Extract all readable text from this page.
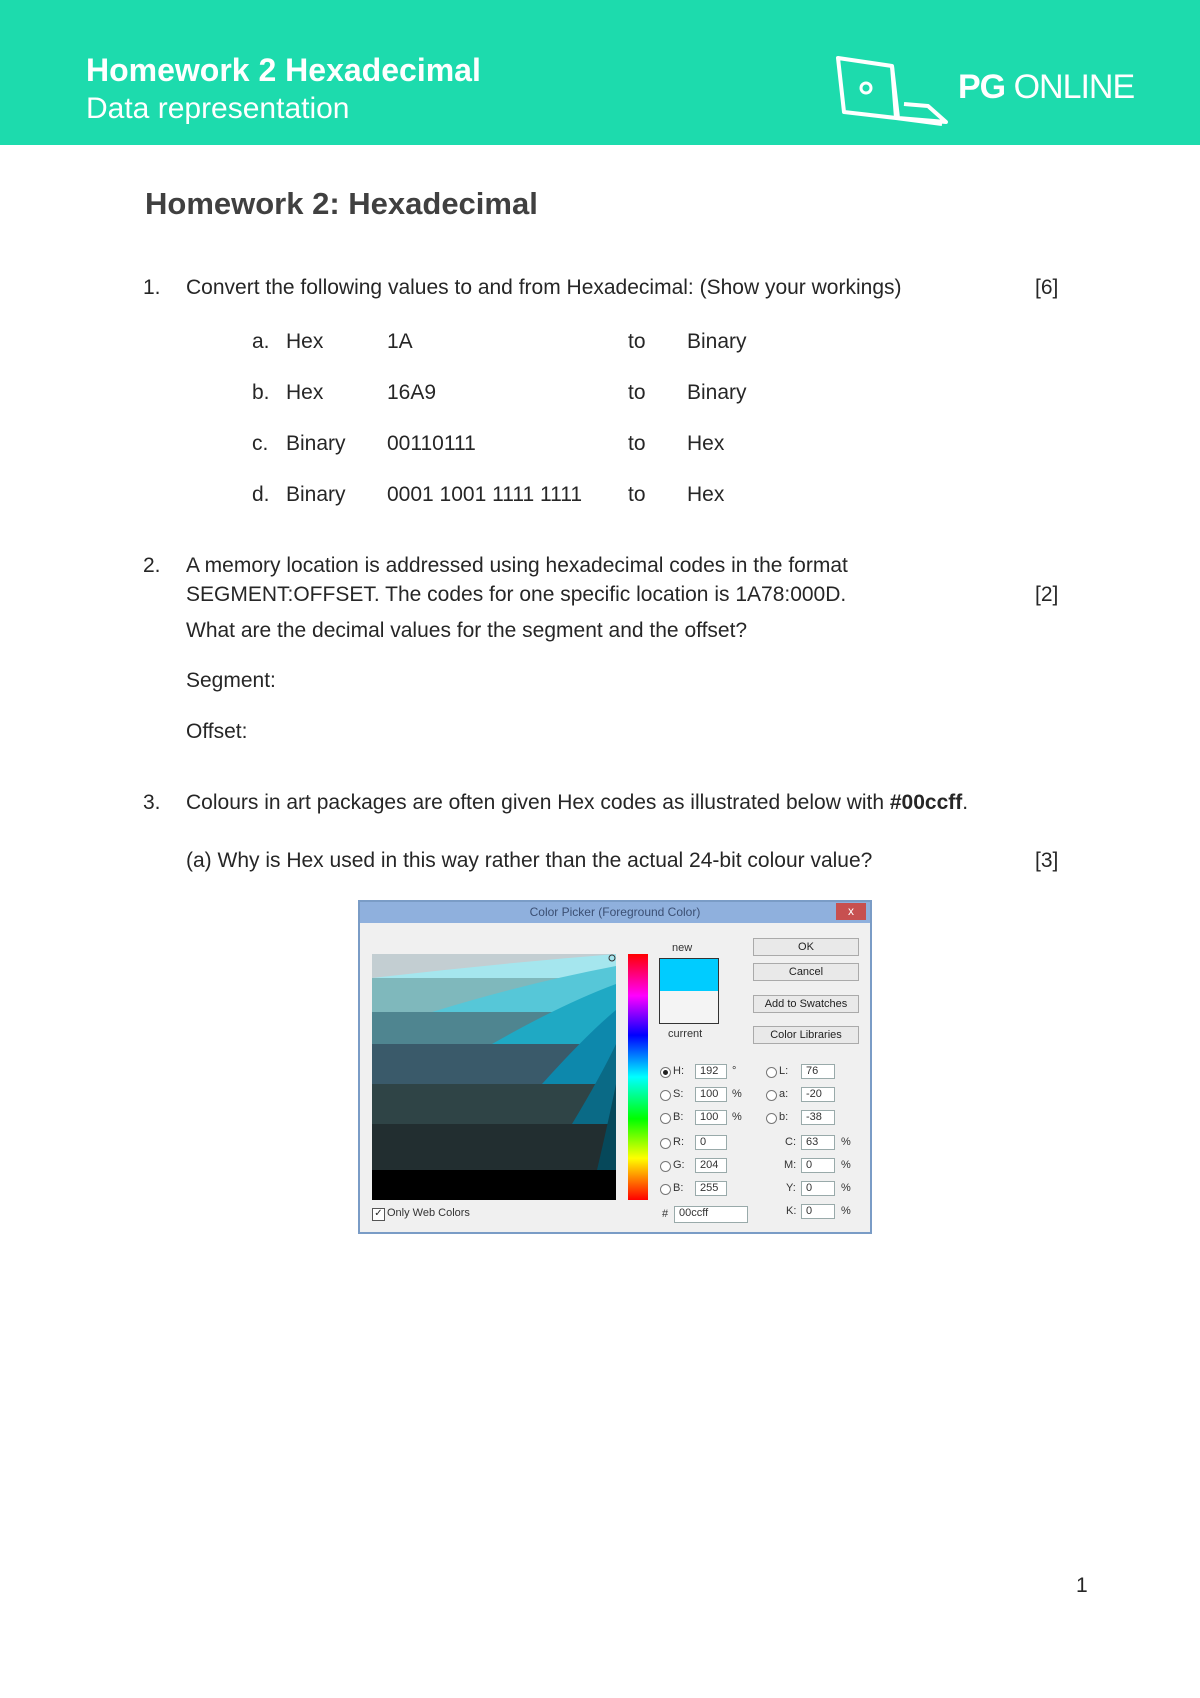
Homework 2 Hexadecimal
Data representation
PG ONLINE
Homework 2: Hexadecimal
1. Convert the following values to and from Hexadecimal: (Show your workings)	[6]
a. Hex	1A	to Binary
b. Hex	16A9	to Binary
c. Binary 00110111	to Hex
d. Binary 0001 1001 1111 1111 to Hex
2. A memory location is addressed using hexadecimal codes in the format
SEGMENT:OFFSET. The codes for one specific location is 1A78:000D.	[2]
What are the decimal values for the segment and the offset?
Segment:
Offset:
3. Colours in art packages are often given Hex codes as illustrated below with #00ccff.
(a) Why is Hex used in this way rather than the actual 24-bit colour value?	[3]
Color Picker (Foreground Color)	x
new
current
OK
Cancel
Add to Swatches
Color Libraries
H:	192	°
S:	100	%
B:	100	%
R:	0
G:	204
B:	255
L:	76
a:	-20
b:	-38
C: 63	%
M: 0	%
Y: 0	%
K: 0	%
# 00ccff
✓ Only Web Colors
1
